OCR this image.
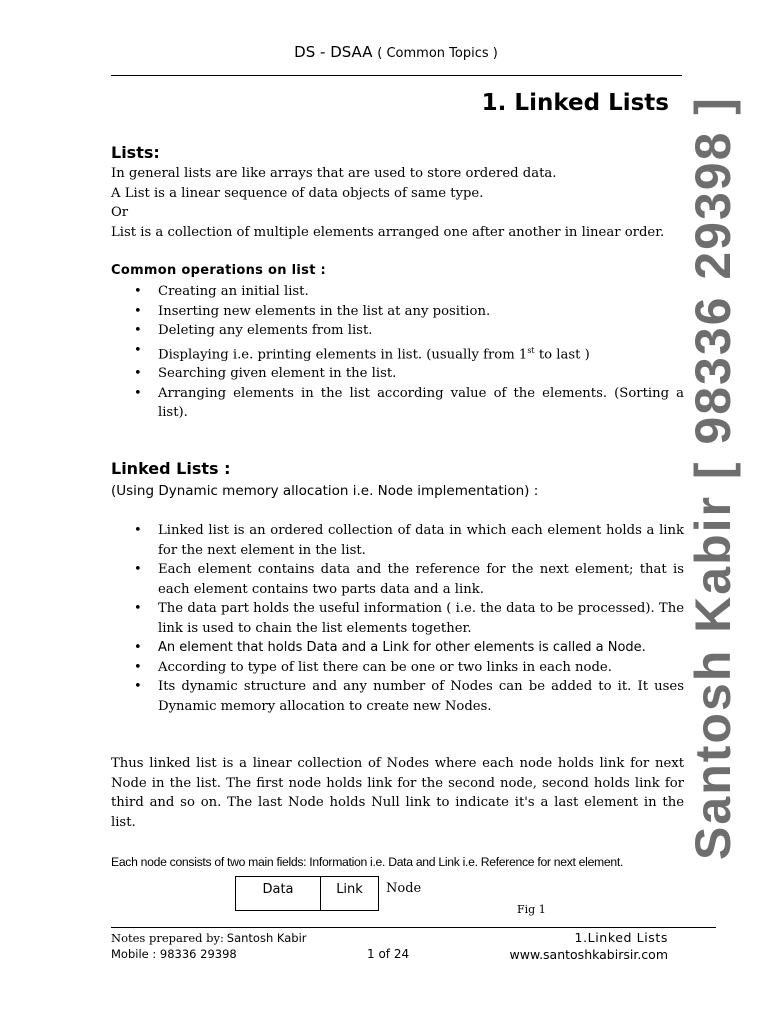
DS - DSAA ( Common Topics )
1. Linked Lists
Lists:

In general lists are like arrays that are used to store ordered data.

A List is a linear sequence of data objects of same type.

Or

List is a collection of multiple elements arranged one after another in linear order.

Common operations on list :
• Creating an initial list.
• Inserting new elements in the list at any position.
• Deleting any elements from list.
• Displaying i.e. printing elements in list. (usually from 1st to last )
• Searching given element in the list.
• Arranging elements in the list according value of the elements. (Sorting a list).
Linked Lists :
(Using Dynamic memory allocation i.e. Node implementation) :
• Linked list is an ordered collection of data in which each element holds a link for the next element in the list.
• Each element contains data and the reference for the next element; that is each element contains two parts data and a link.
• The data part holds the useful information ( i.e. the data to be processed). The link is used to chain the list elements together.
• An element that holds Data and a Link for other elements is called a Node.
• According to type of list there can be one or two links in each node.
• Its dynamic structure and any number of Nodes can be added to it. It uses Dynamic memory allocation to create new Nodes.
Thus linked list is a linear collection of Nodes where each node holds link for next Node in the list. The first node holds link for the second node, second holds link for third and so on. The last Node holds Null link to indicate it's a last element in the list.
Each node consists of two main fields: Information i.e. Data and Link i.e. Reference for next element.
Data	Link	Node
Fig 1
Notes prepared by: Santosh Kabir
Mobile : 98336 29398	1 of 24
1.Linked Lists
www.santoshkabirsir.com
Santosh Kabir [ 98336 29398 ]
